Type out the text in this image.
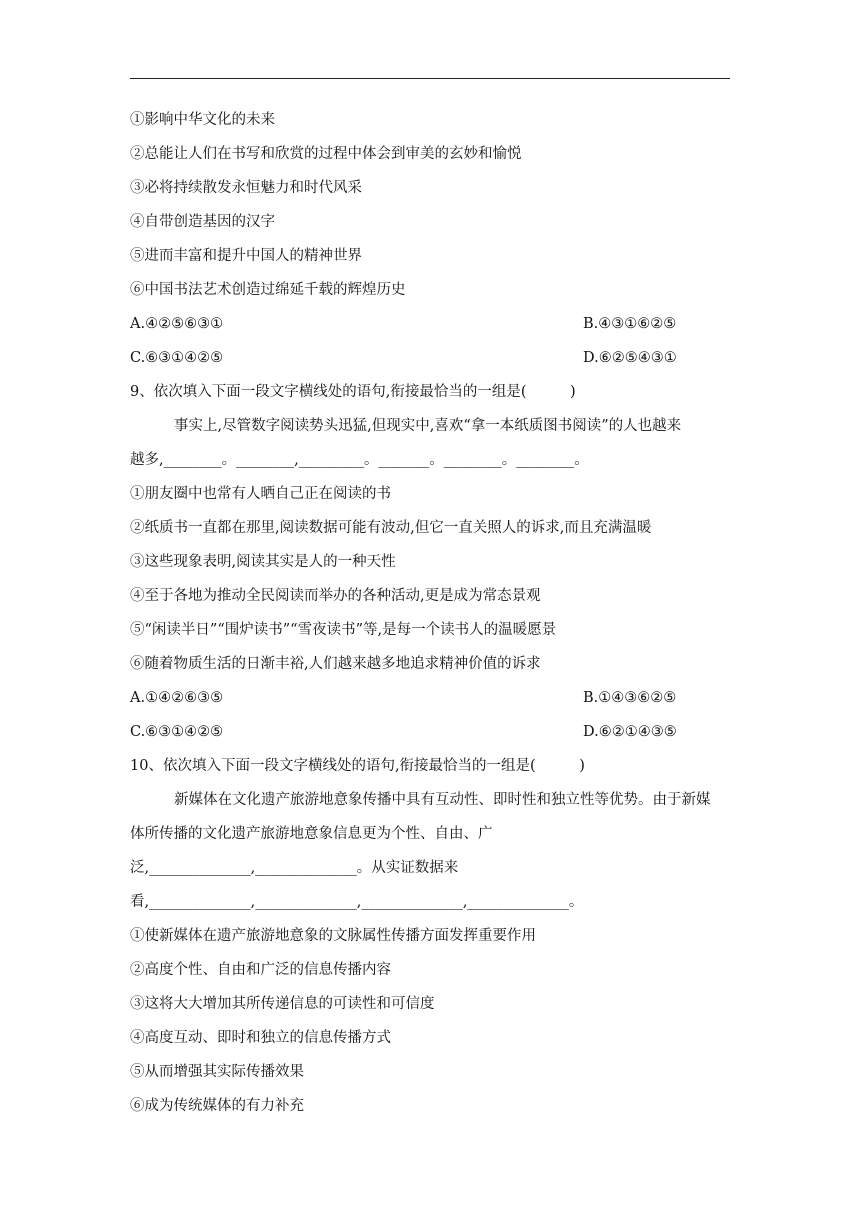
①影响中华文化的未来
②总能让人们在书写和欣赏的过程中体会到审美的玄妙和愉悦
③必将持续散发永恒魅力和时代风采
④自带创造基因的汉字
⑤进而丰富和提升中国人的精神世界
⑥中国书法艺术创造过绵延千载的辉煌历史
A.④②⑤⑥③①	B.④③①⑥②⑤
C.⑥③①④②⑤	D.⑥②⑤④③①
9、依次填入下面一段文字横线处的语句,衔接最恰当的一组是(　　　)
事实上,尽管数字阅读势头迅猛,但现实中,喜欢“拿一本纸质图书阅读”的人也越来
越多,________。________,_________。_______。________。________。
①朋友圈中也常有人晒自己正在阅读的书
②纸质书一直都在那里,阅读数据可能有波动,但它一直关照人的诉求,而且充满温暖
③这些现象表明,阅读其实是人的一种天性
④至于各地为推动全民阅读而举办的各种活动,更是成为常态景观
⑤“闲读半日”“围炉读书”“雪夜读书”等,是每一个读书人的温暖愿景
⑥随着物质生活的日渐丰裕,人们越来越多地追求精神价值的诉求
A.①④②⑥③⑤	B.①④③⑥②⑤
C.⑥③①④②⑤	D.⑥②①④③⑤
10、依次填入下面一段文字横线处的语句,衔接最恰当的一组是(　　　)
新媒体在文化遗产旅游地意象传播中具有互动性、即时性和独立性等优势。由于新媒
体所传播的文化遗产旅游地意象信息更为个性、自由、广
泛,______________,______________。从实证数据来
看,______________,______________,______________,______________。
①使新媒体在遗产旅游地意象的文脉属性传播方面发挥重要作用
②高度个性、自由和广泛的信息传播内容
③这将大大增加其所传递信息的可读性和可信度
④高度互动、即时和独立的信息传播方式
⑤从而增强其实际传播效果
⑥成为传统媒体的有力补充
